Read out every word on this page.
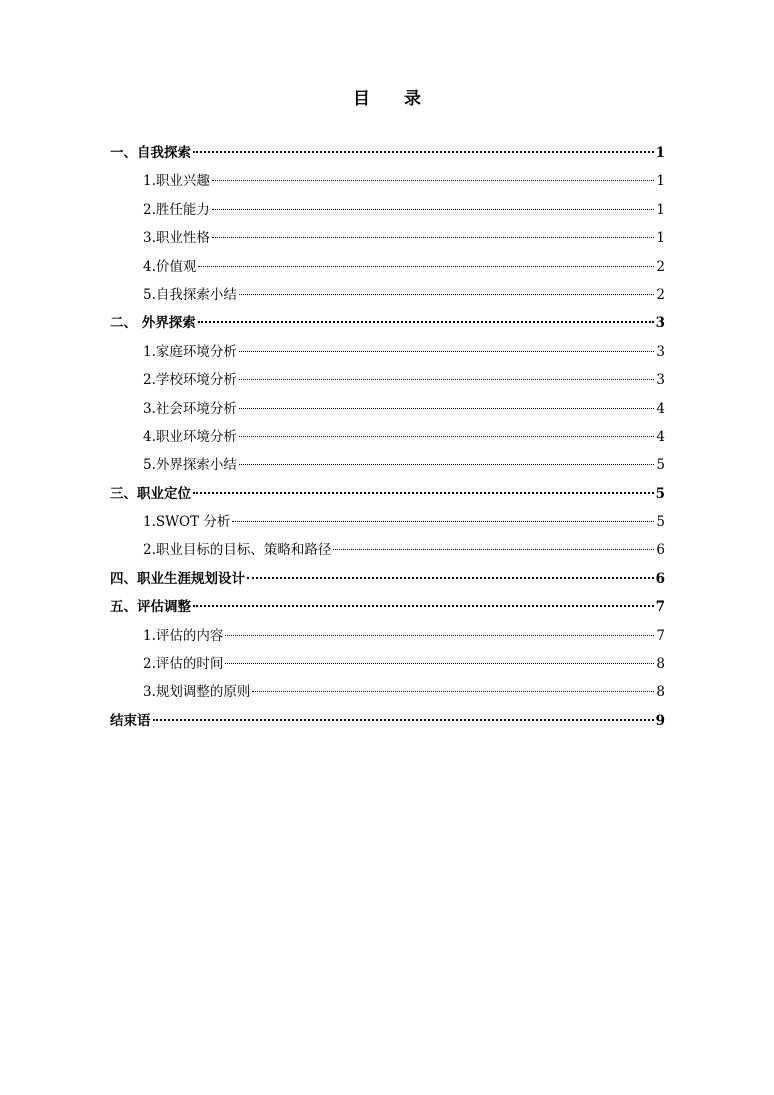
目 录
一、自我探索	1
1.职业兴趣	1
2.胜任能力	1
3.职业性格	1
4.价值观	2
5.自我探索小结	2
二、 外界探索	3
1.家庭环境分析	3
2.学校环境分析	3
3.社会环境分析	4
4.职业环境分析	4
5.外界探索小结	5
三、职业定位	5
1.SWOT 分析	5
2.职业目标的目标、策略和路径	6
四、职业生涯规划设计	6
五、评估调整	7
1.评估的内容	7
2.评估的时间	8
3.规划调整的原则	8
结束语	9
